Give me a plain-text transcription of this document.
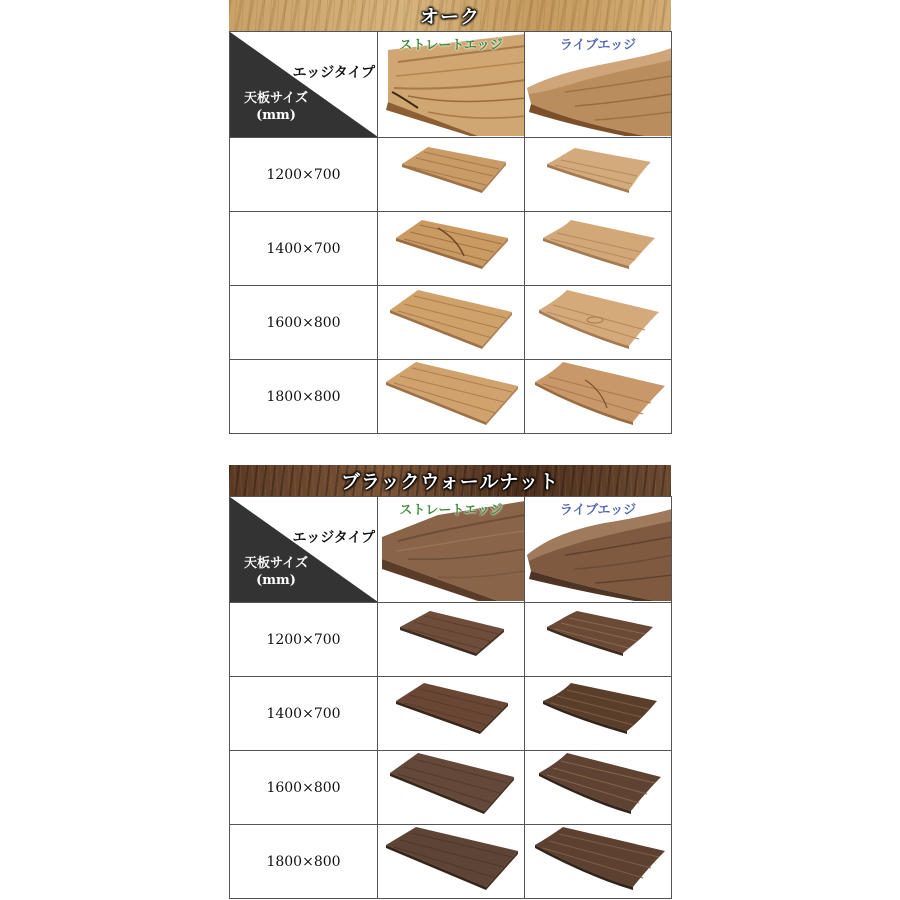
オーク
エッジタイプ
天板サイズ
(mm)	ストレートエッジ	ライブエッジ

1200×700	

1400×700	

1600×800	

1800×800	

ブラックウォールナット
エッジタイプ
天板サイズ
(mm)	ストレートエッジ	ライブエッジ

1200×700	

1400×700	

1600×800	

1800×800	
